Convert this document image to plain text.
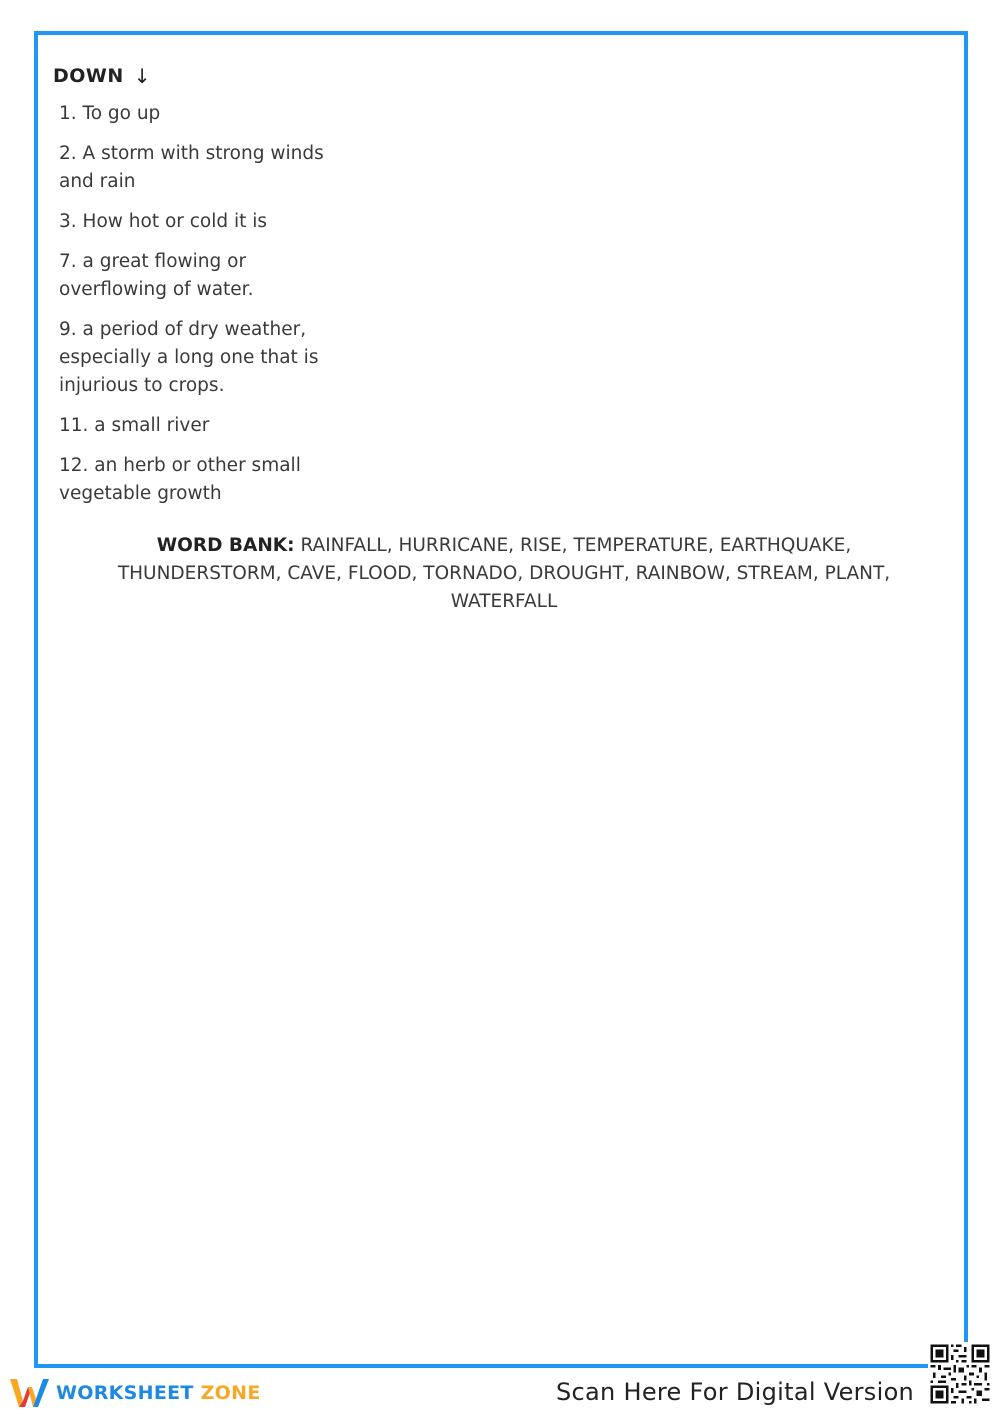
DOWN ↓
1. To go up
2. A storm with strong winds and rain
3. How hot or cold it is
7. a great flowing or overflowing of water.
9. a period of dry weather, especially a long one that is injurious to crops.
11. a small river
12. an herb or other small vegetable growth
WORD BANK: RAINFALL, HURRICANE, RISE, TEMPERATURE, EARTHQUAKE, THUNDERSTORM, CAVE, FLOOD, TORNADO, DROUGHT, RAINBOW, STREAM, PLANT, WATERFALL
WORKSHEET ZONE	Scan Here For Digital Version
